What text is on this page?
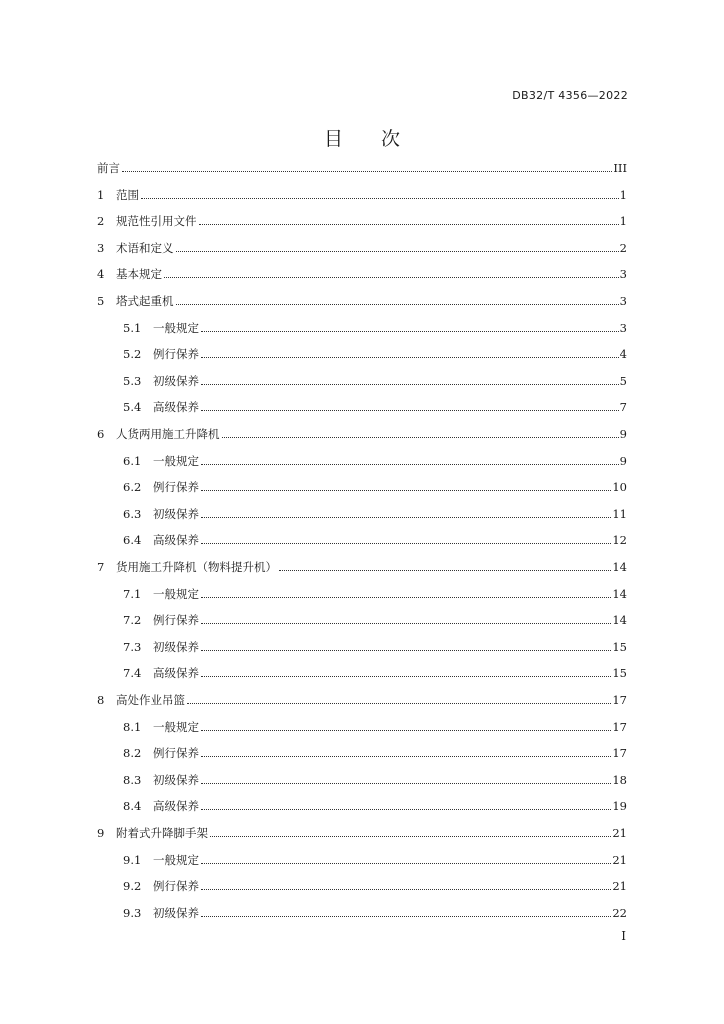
DB32/T 4356—2022
目 次
前言	III
1	范围	1
2	规范性引用文件	1
3	术语和定义	2
4	基本规定	3
5	塔式起重机	3
5.1	一般规定	3
5.2	例行保养	4
5.3	初级保养	5
5.4	高级保养	7
6	人货两用施工升降机	9
6.1	一般规定	9
6.2	例行保养	10
6.3	初级保养	11
6.4	高级保养	12
7	货用施工升降机（物料提升机）	14
7.1	一般规定	14
7.2	例行保养	14
7.3	初级保养	15
7.4	高级保养	15
8	高处作业吊篮	17
8.1	一般规定	17
8.2	例行保养	17
8.3	初级保养	18
8.4	高级保养	19
9	附着式升降脚手架	21
9.1	一般规定	21
9.2	例行保养	21
9.3	初级保养	22
I
